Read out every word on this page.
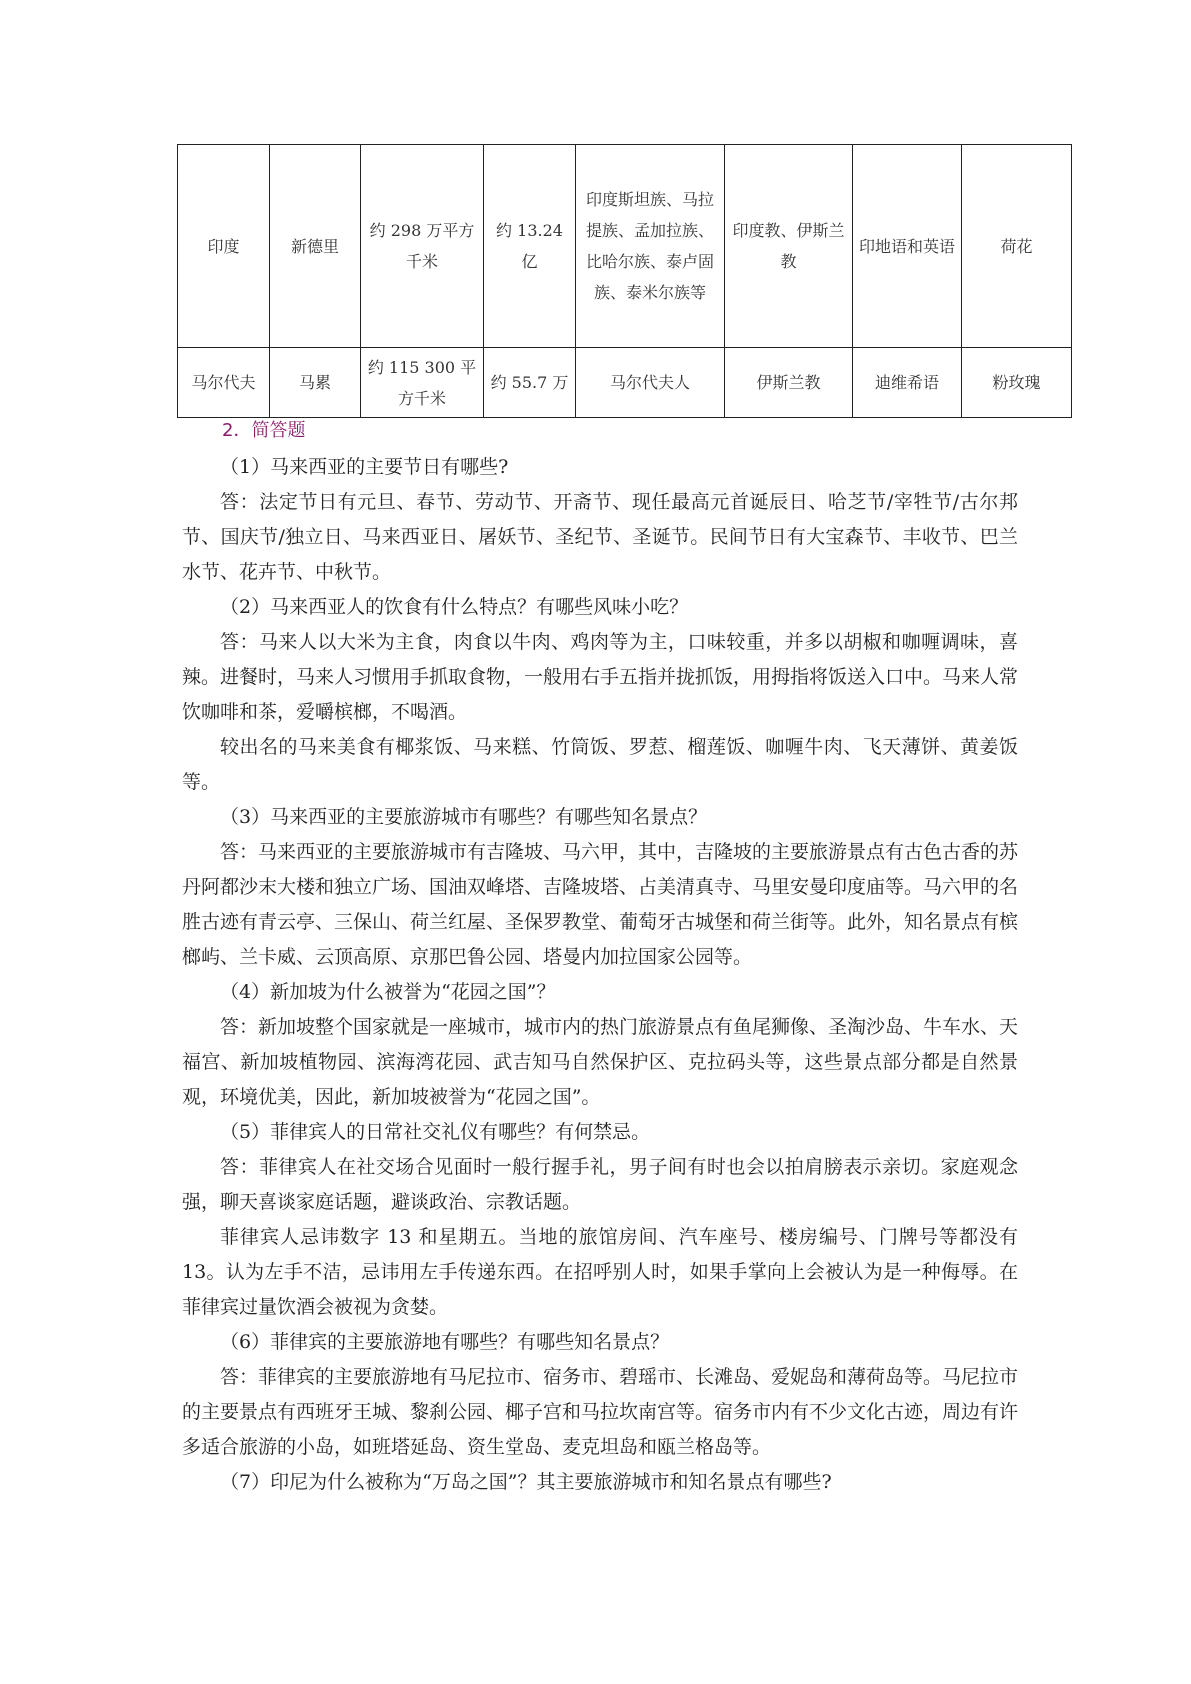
印度	新德里	约 298 万平方千米	约 13.24 亿	印度斯坦族、马拉提族、孟加拉族、比哈尔族、泰卢固族、泰米尔族等	印度教、伊斯兰教	印地语和英语	荷花
马尔代夫	马累	约 115 300 平方千米	约 55.7 万	马尔代夫人	伊斯兰教	迪维希语	粉玫瑰
2．简答题

（1）马来西亚的主要节日有哪些?

答：法定节日有元旦、春节、劳动节、开斋节、现任最高元首诞辰日、哈芝节/宰牲节/古尔邦节、国庆节/独立日、马来西亚日、屠妖节、圣纪节、圣诞节。民间节日有大宝森节、丰收节、巴兰水节、花卉节、中秋节。

（2）马来西亚人的饮食有什么特点？有哪些风味小吃？

答：马来人以大米为主食，肉食以牛肉、鸡肉等为主，口味较重，并多以胡椒和咖喱调味，喜辣。进餐时，马来人习惯用手抓取食物，一般用右手五指并拢抓饭，用拇指将饭送入口中。马来人常饮咖啡和茶，爱嚼槟榔，不喝酒。

较出名的马来美食有椰浆饭、马来糕、竹筒饭、罗惹、榴莲饭、咖喱牛肉、飞天薄饼、黄姜饭等。

（3）马来西亚的主要旅游城市有哪些？有哪些知名景点？

答：马来西亚的主要旅游城市有吉隆坡、马六甲，其中，吉隆坡的主要旅游景点有古色古香的苏丹阿都沙末大楼和独立广场、国油双峰塔、吉隆坡塔、占美清真寺、马里安曼印度庙等。马六甲的名胜古迹有青云亭、三保山、荷兰红屋、圣保罗教堂、葡萄牙古城堡和荷兰街等。此外，知名景点有槟榔屿、兰卡威、云顶高原、京那巴鲁公园、塔曼内加拉国家公园等。

（4）新加坡为什么被誉为“花园之国”？

答：新加坡整个国家就是一座城市，城市内的热门旅游景点有鱼尾狮像、圣淘沙岛、牛车水、天福宫、新加坡植物园、滨海湾花园、武吉知马自然保护区、克拉码头等，这些景点部分都是自然景观，环境优美，因此，新加坡被誉为“花园之国”。

（5）菲律宾人的日常社交礼仪有哪些？有何禁忌。

答：菲律宾人在社交场合见面时一般行握手礼，男子间有时也会以拍肩膀表示亲切。家庭观念强，聊天喜谈家庭话题，避谈政治、宗教话题。

菲律宾人忌讳数字 13 和星期五。当地的旅馆房间、汽车座号、楼房编号、门牌号等都没有 13。认为左手不洁，忌讳用左手传递东西。在招呼别人时，如果手掌向上会被认为是一种侮辱。在菲律宾过量饮酒会被视为贪婪。

（6）菲律宾的主要旅游地有哪些？有哪些知名景点？

答：菲律宾的主要旅游地有马尼拉市、宿务市、碧瑶市、长滩岛、爱妮岛和薄荷岛等。马尼拉市的主要景点有西班牙王城、黎刹公园、椰子宫和马拉坎南宫等。宿务市内有不少文化古迹，周边有许多适合旅游的小岛，如班塔延岛、资生堂岛、麦克坦岛和瓯兰格岛等。

（7）印尼为什么被称为“万岛之国”？其主要旅游城市和知名景点有哪些?
